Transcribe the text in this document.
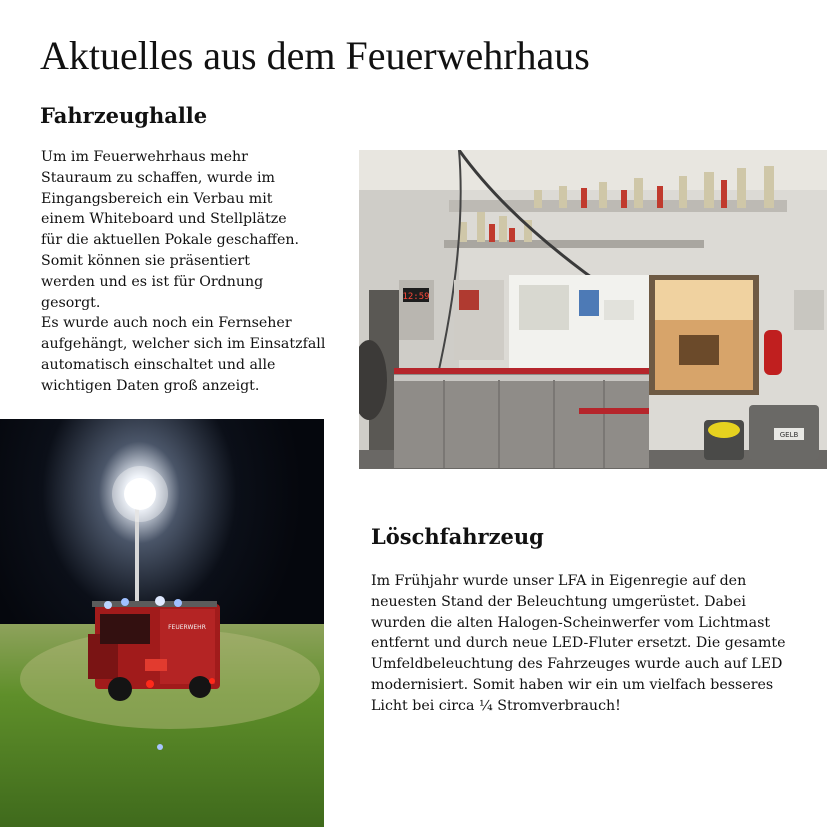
Aktuelles aus dem Feuerwehrhaus
Fahrzeughalle

Um im Feuerwehrhaus mehr
Stauraum zu schaffen, wurde im
Eingangsbereich ein Verbau mit
einem Whiteboard und Stellplätze
für die aktuellen Pokale geschaffen.
Somit können sie präsentiert
werden und es ist für Ordnung
gesorgt.
Es wurde auch noch ein Fernseher
aufgehängt, welcher sich im Einsatzfall
automatisch einschaltet und alle
wichtigen Daten groß anzeigt.

12:59
GELB
FEUERWEHR
Löschfahrzeug

Im Frühjahr wurde unser LFA in Eigenregie auf den
neuesten Stand der Beleuchtung umgerüstet. Dabei
wurden die alten Halogen-Scheinwerfer vom Lichtmast
entfernt und durch neue LED-Fluter ersetzt. Die gesamte
Umfeldbeleuchtung des Fahrzeuges wurde auch auf LED
modernisiert. Somit haben wir ein um vielfach besseres
Licht bei circa ¼ Stromverbrauch!
